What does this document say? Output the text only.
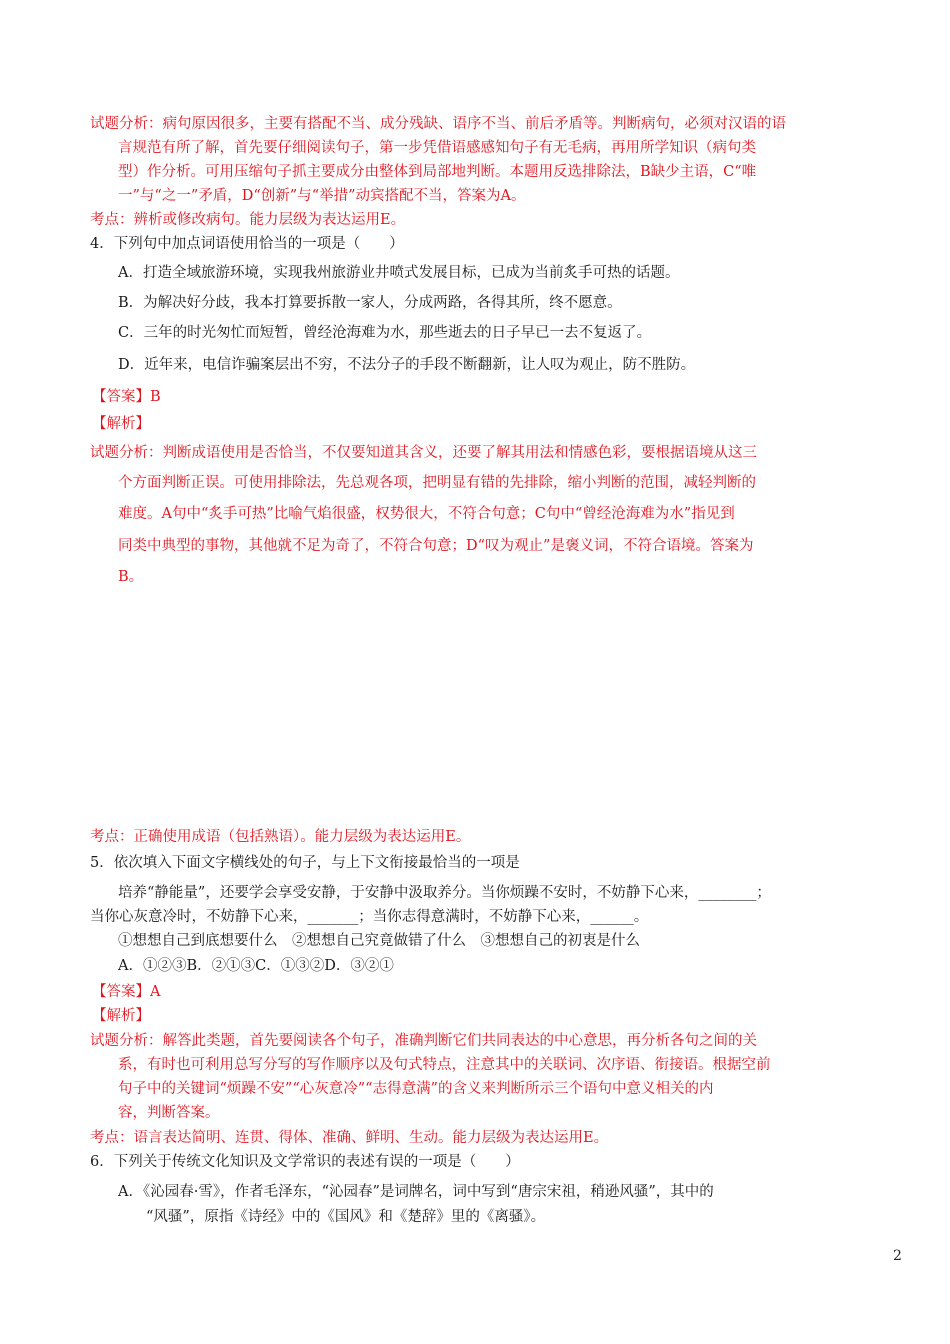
试题分析：病句原因很多，主要有搭配不当、成分残缺、语序不当、前后矛盾等。判断病句，必须对汉语的语
言规范有所了解，首先要仔细阅读句子，第一步凭借语感感知句子有无毛病，再用所学知识（病句类
型）作分析。可用压缩句子抓主要成分由整体到局部地判断。本题用反选排除法，B缺少主语，C“唯
一”与“之一”矛盾，D“创新”与“举措”动宾搭配不当，答案为A。
考点：辨析或修改病句。能力层级为表达运用E。
4．下列句中加点词语使用恰当的一项是（　　）
A．打造全域旅游环境，实现我州旅游业井喷式发展目标，已成为当前炙手可热的话题。
B．为解决好分歧，我本打算要拆散一家人，分成两路，各得其所，终不愿意。
C．三年的时光匆忙而短暂，曾经沧海难为水，那些逝去的日子早已一去不复返了。
D．近年来，电信诈骗案层出不穷，不法分子的手段不断翻新，让人叹为观止，防不胜防。
【答案】B
【解析】
试题分析：判断成语使用是否恰当，不仅要知道其含义，还要了解其用法和情感色彩，要根据语境从这三
个方面判断正误。可使用排除法，先总观各项，把明显有错的先排除，缩小判断的范围，减轻判断的
难度。A句中“炙手可热”比喻气焰很盛，权势很大，不符合句意；C句中“曾经沧海难为水”指见到
同类中典型的事物，其他就不足为奇了，不符合句意；D“叹为观止”是褒义词，不符合语境。答案为
B。
考点：正确使用成语（包括熟语）。能力层级为表达运用E。
5．依次填入下面文字横线处的句子，与上下文衔接最恰当的一项是
培养“静能量”，还要学会享受安静，于安静中汲取养分。当你烦躁不安时，不妨静下心来，________；
当你心灰意冷时，不妨静下心来，_______；当你志得意满时，不妨静下心来，______。
①想想自己到底想要什么　②想想自己究竟做错了什么　③想想自己的初衷是什么
A．①②③B．②①③C．①③②D．③②①
【答案】A
【解析】
试题分析：解答此类题，首先要阅读各个句子，准确判断它们共同表达的中心意思，再分析各句之间的关
系，有时也可利用总写分写的写作顺序以及句式特点，注意其中的关联词、次序语、衔接语。根据空前
句子中的关键词“烦躁不安”“心灰意冷”“志得意满”的含义来判断所示三个语句中意义相关的内
容，判断答案。
考点：语言表达简明、连贯、得体、准确、鲜明、生动。能力层级为表达运用E。
6．下列关于传统文化知识及文学常识的表述有误的一项是（　　）
A．《沁园春·雪》，作者毛泽东，“沁园春”是词牌名，词中写到“唐宗宋祖，稍逊风骚”，其中的
“风骚”，原指《诗经》中的《国风》和《楚辞》里的《离骚》。
2
